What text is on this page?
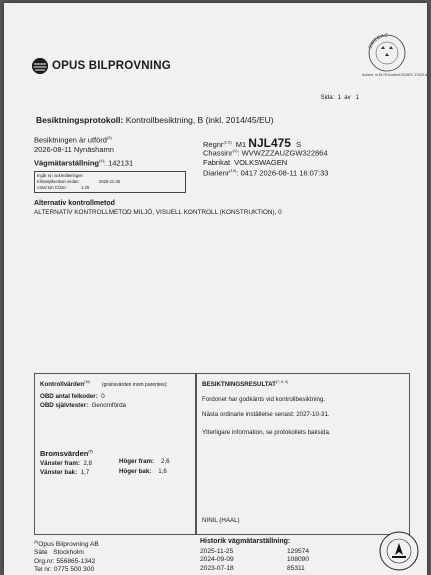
OPUS BILPROVNING
SWEDAC
Ackred. nr 8176 Kontroll ISO/IEC 17020 A
Sida: 1 av 1
Besiktningsprotokoll: Kontrollbesiktning, B (inkl. 2014/45/EU)
Besiktningen är utförd$^{(3)}$
2026-08-11 Nynäshamn
Vägmätarställning$^{(4)}$: 142131
Ingår ej i ackrediteringen
Klimatpåverkan sedan:	2025-11-25
Antal ton CO2e:	1.25
Regnr$^{(2,5)}$ M1 NJL475 S
Chassinr$^{(1)}$: WVWZZZAUZGW322864
Fabrikat VOLKSWAGEN
Diarienr$^{(10)}$: 0417 2026-08-11 16:07:33
Alternativ kontrollmetod
ALTERNATIV KONTROLLMETOD MILJÖ, VISUELL KONTROLL (KONSTRUKTION), 0
Kontrollvärden$^{(16)}$ (gränsvärden inom parentes):
OBD antal felkoder: 0
OBD självtester: Genomförda
Bromsvärden$^{(7)}$
Vänster fram: 2,8
Vänster bak: 1,7
Höger fram: 2,6
Höger bak: 1,6
BESIKTNINGSRESULTAT$^{(7, 8, 9)}$
Fordonet har godkänts vid kontrollbesiktning.
Nästa ordinarie inställelse senast: 2027-10-31.
Ytterligare information, se protokollets baksida.
NINIL (HAAL)
$^{(5)}$Opus Bilprovning AB
Säte Stockholm
Org.nr: 556865-1342
Tel nr: 0775 500 300
Historik vägmätarställning:
2025-11-25	129574
2024-09-09	108090
2023-07-18	85311
